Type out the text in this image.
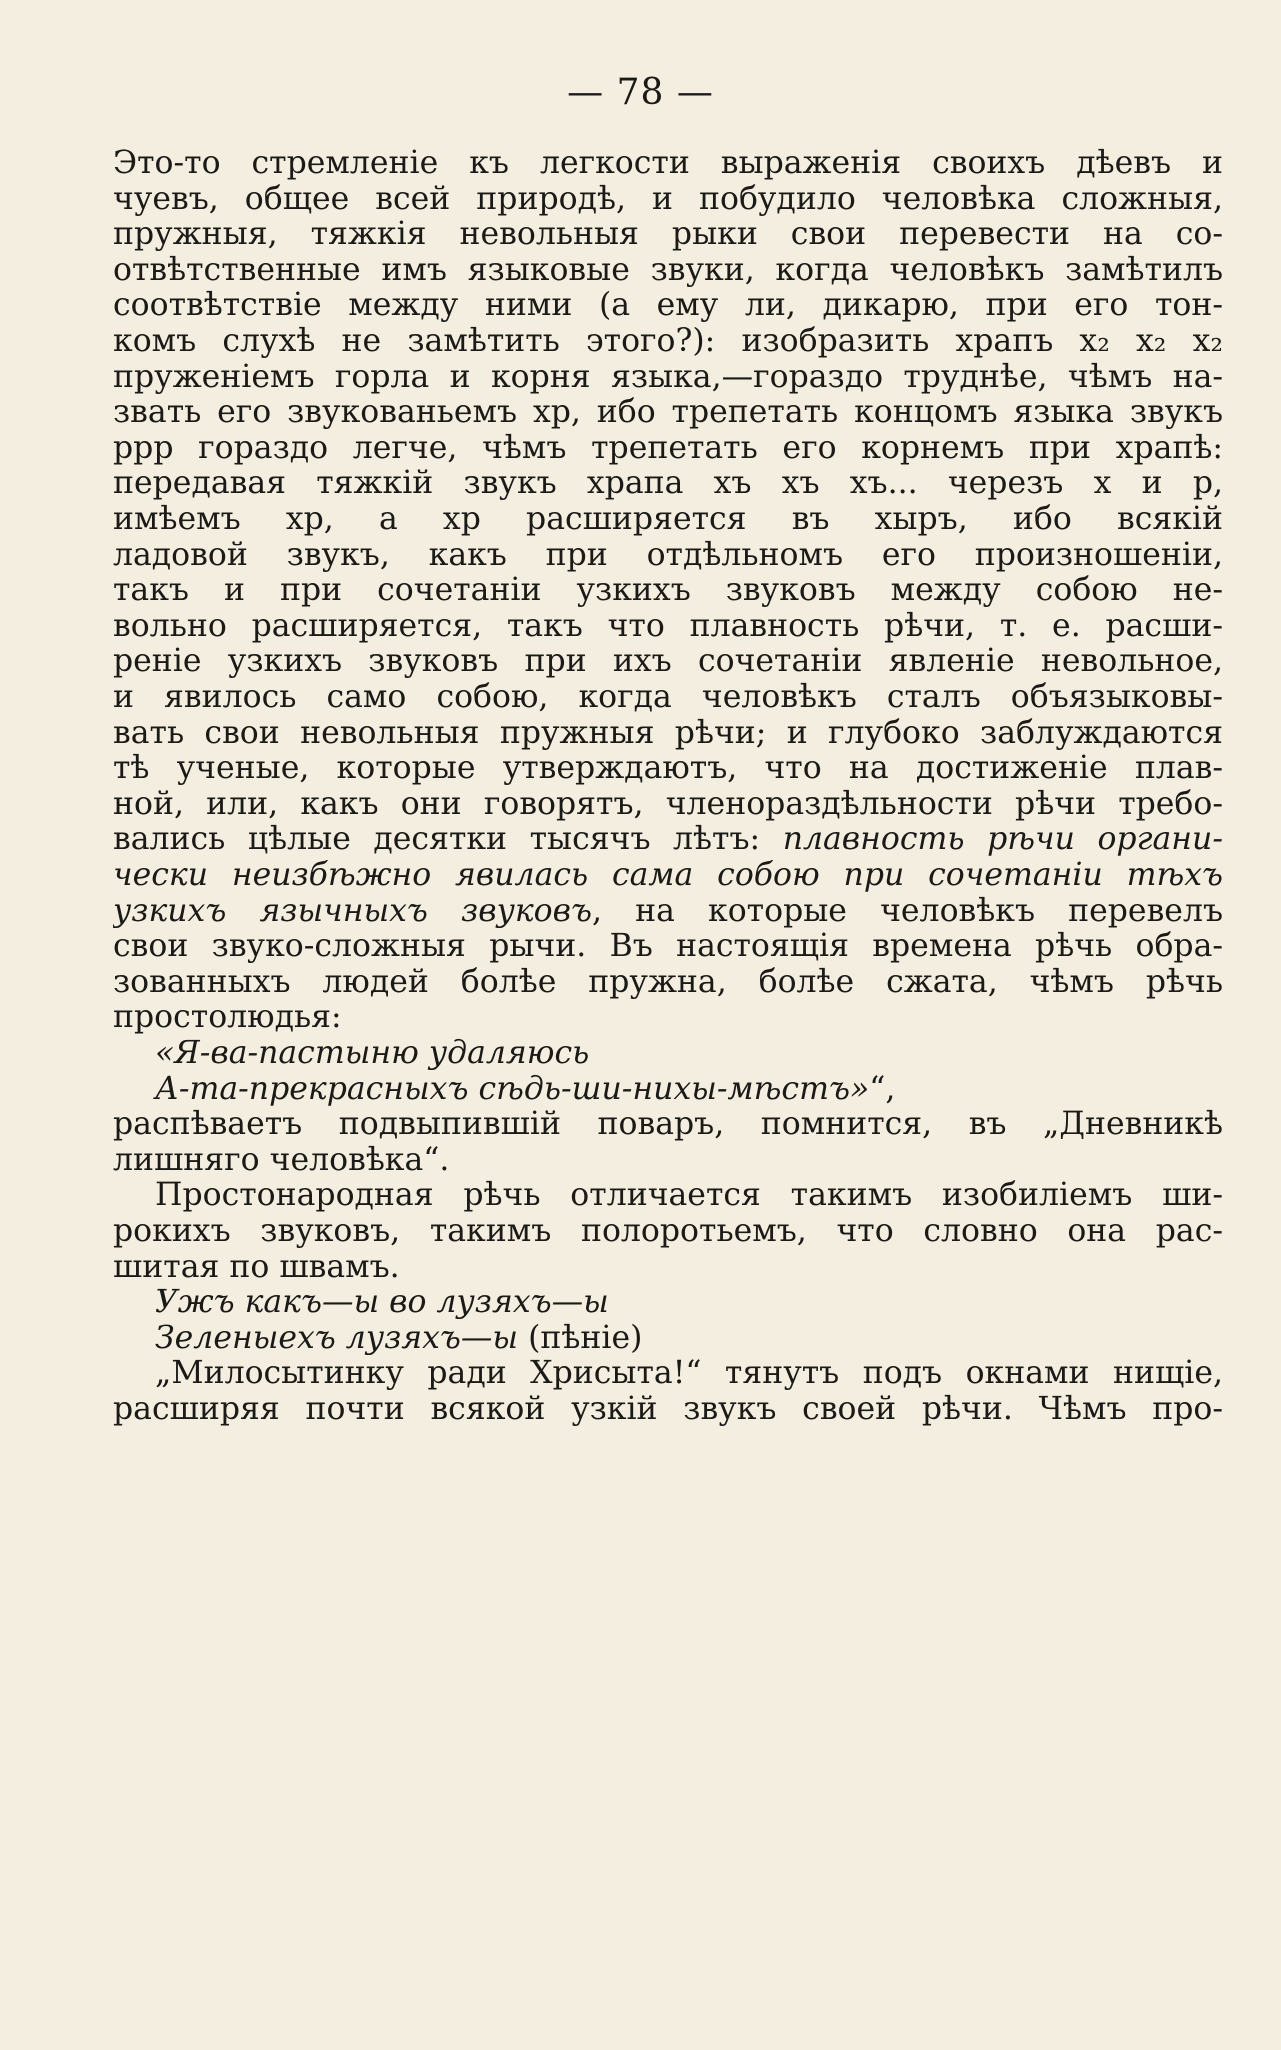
— 78 —
Это-то стремленіе къ легкости выраженія своихъ дѣевъ и
чуевъ, общее всей природѣ, и побудило человѣка сложныя,
пружныя, тяжкія невольныя рыки свои перевести на со-
отвѣтственные имъ языковые звуки, когда человѣкъ замѣтилъ
соотвѣтствіе между ними (а ему ли, дикарю, при его тон-
комъ слухѣ не замѣтить этого?): изобразить храпъ х₂ х₂ х₂
пруженіемъ горла и корня языка,—гораздо труднѣе, чѣмъ на-
звать его звукованьемъ хр, ибо трепетать концомъ языка звукъ
ррр гораздо легче, чѣмъ трепетать его корнемъ при храпѣ:
передавая тяжкій звукъ храпа хъ хъ хъ... черезъ х и р,
имѣемъ хр, а хр расширяется въ хыръ, ибо всякій
ладовой звукъ, какъ при отдѣльномъ его произношеніи,
такъ и при сочетаніи узкихъ звуковъ между собою не-
вольно расширяется, такъ что плавность рѣчи, т. е. расши-
реніе узкихъ звуковъ при ихъ сочетаніи явленіе невольное,
и явилось само собою, когда человѣкъ сталъ объязыковы-
вать свои невольныя пружныя рѣчи; и глубоко заблуждаются
тѣ ученые, которые утверждаютъ, что на достиженіе плав-
ной, или, какъ они говорятъ, членораздѣльности рѣчи требо-
вались цѣлые десятки тысячъ лѣтъ: плавность рѣчи органи-
чески неизбѣжно явилась сама собою при сочетаніи тѣхъ
узкихъ язычныхъ звуковъ, на которые человѣкъ перевелъ
свои звуко-сложныя рычи. Въ настоящія времена рѣчь обра-
зованныхъ людей болѣе пружна, болѣе сжата, чѣмъ рѣчь
простолюдья:
«Я-ва-пастыню удаляюсь
А-та-прекрасныхъ сѣдь-ши-нихы-мѣстъ»“,
распѣваетъ подвыпившій поваръ, помнится, въ „Дневникѣ
лишняго человѣка“.
Простонародная рѣчь отличается такимъ изобиліемъ ши-
рокихъ звуковъ, такимъ полоротьемъ, что словно она рас-
шитая по швамъ.
Ужъ какъ—ы во лузяхъ—ы
Зеленыехъ лузяхъ—ы (пѣніе)
„Милосытинку ради Хрисыта!“ тянутъ подъ окнами нищіе,
расширяя почти всякой узкій звукъ своей рѣчи. Чѣмъ про-
